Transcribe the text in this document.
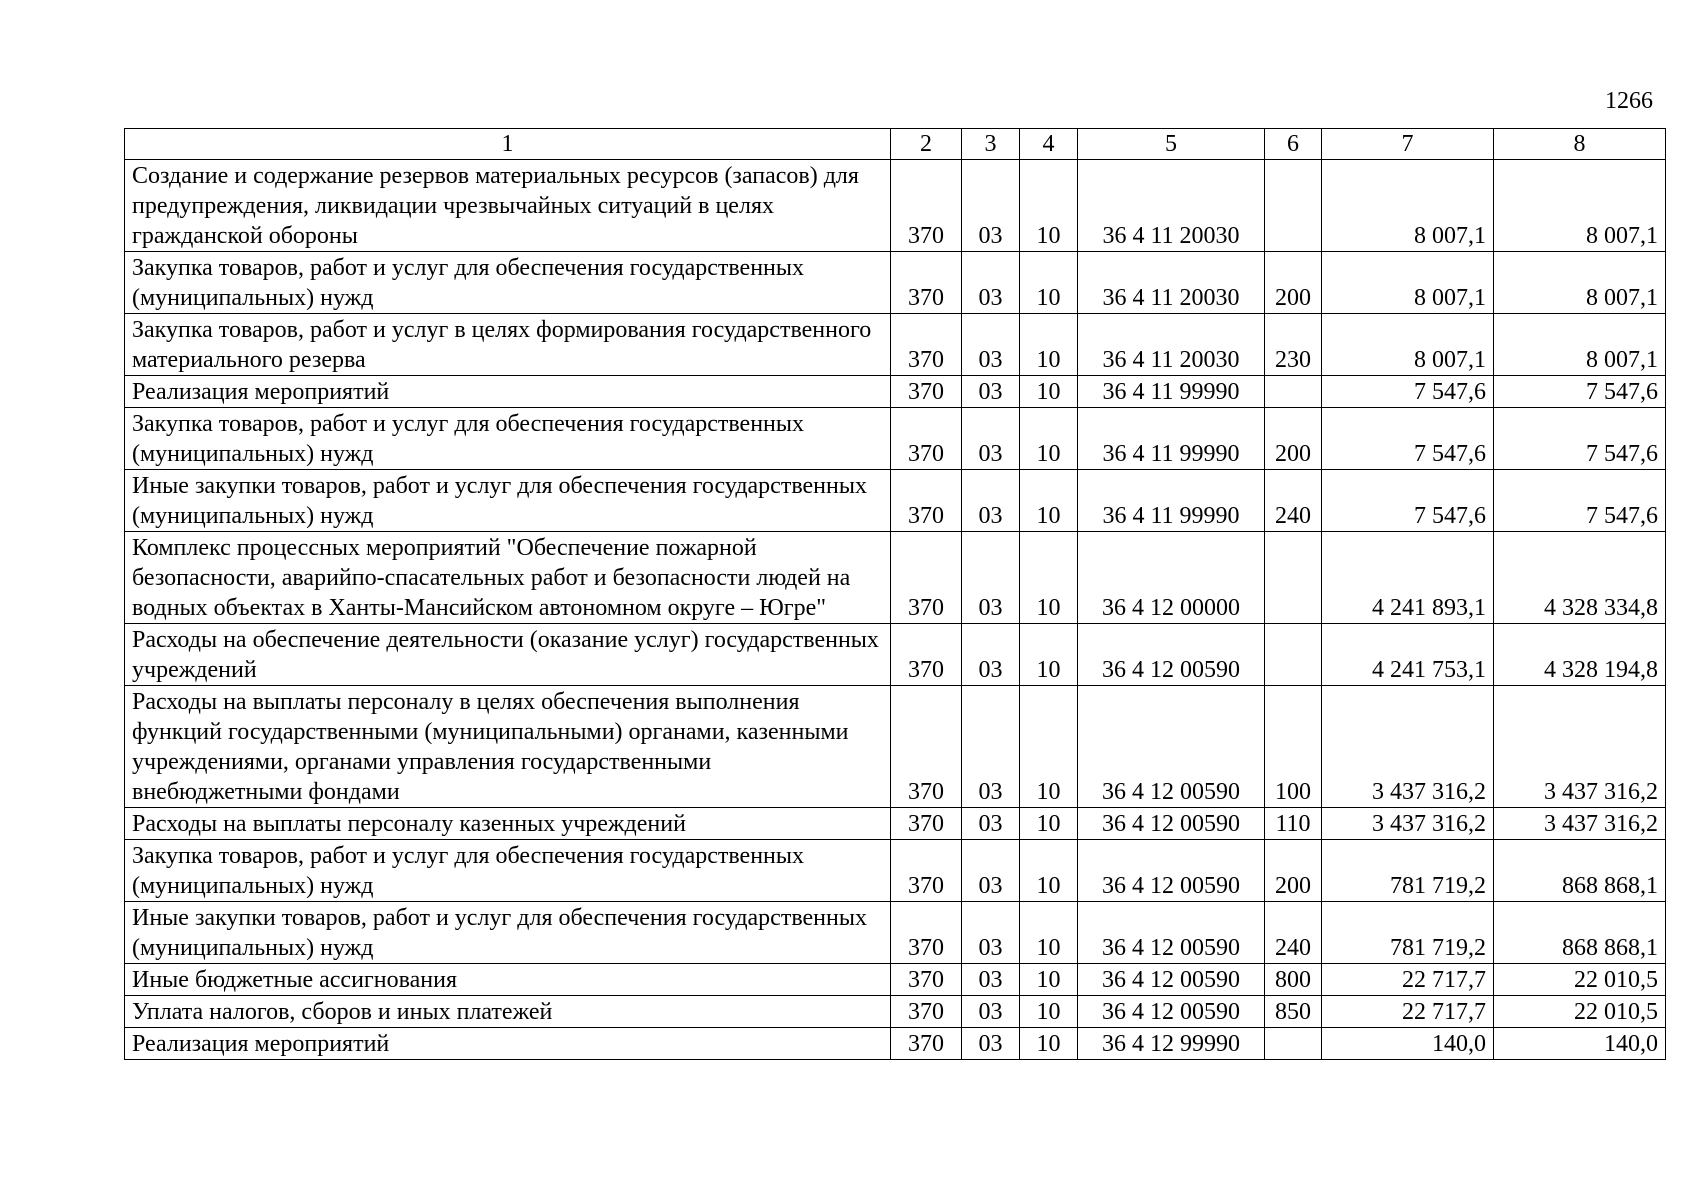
1266
1	2	3	4	5	6	7	8
Создание и содержание резервов материальных ресурсов (запасов) для предупреждения, ликвидации чрезвычайных ситуаций в целях гражданской обороны	370	03	10	36 4 11 20030		8 007,1	8 007,1
Закупка товаров, работ и услуг для обеспечения государственных (муниципальных) нужд	370	03	10	36 4 11 20030	200	8 007,1	8 007,1
Закупка товаров, работ и услуг в целях формирования государственного материального резерва	370	03	10	36 4 11 20030	230	8 007,1	8 007,1
Реализация мероприятий	370	03	10	36 4 11 99990		7 547,6	7 547,6
Закупка товаров, работ и услуг для обеспечения государственных (муниципальных) нужд	370	03	10	36 4 11 99990	200	7 547,6	7 547,6
Иные закупки товаров, работ и услуг для обеспечения государственных (муниципальных) нужд	370	03	10	36 4 11 99990	240	7 547,6	7 547,6
Комплекс процессных мероприятий "Обеспечение пожарной безопасности, аварийпо-спасательных работ и безопасности людей на водных объектах в Ханты-Мансийском автономном округе – Югре"	370	03	10	36 4 12 00000		4 241 893,1	4 328 334,8
Расходы на обеспечение деятельности (оказание услуг) государственных учреждений	370	03	10	36 4 12 00590		4 241 753,1	4 328 194,8
Расходы на выплаты персоналу в целях обеспечения выполнения функций государственными (муниципальными) органами, казенными учреждениями, органами управления государственными внебюджетными фондами	370	03	10	36 4 12 00590	100	3 437 316,2	3 437 316,2
Расходы на выплаты персоналу казенных учреждений	370	03	10	36 4 12 00590	110	3 437 316,2	3 437 316,2
Закупка товаров, работ и услуг для обеспечения государственных (муниципальных) нужд	370	03	10	36 4 12 00590	200	781 719,2	868 868,1
Иные закупки товаров, работ и услуг для обеспечения государственных (муниципальных) нужд	370	03	10	36 4 12 00590	240	781 719,2	868 868,1
Иные бюджетные ассигнования	370	03	10	36 4 12 00590	800	22 717,7	22 010,5
Уплата налогов, сборов и иных платежей	370	03	10	36 4 12 00590	850	22 717,7	22 010,5
Реализация мероприятий	370	03	10	36 4 12 99990		140,0	140,0
